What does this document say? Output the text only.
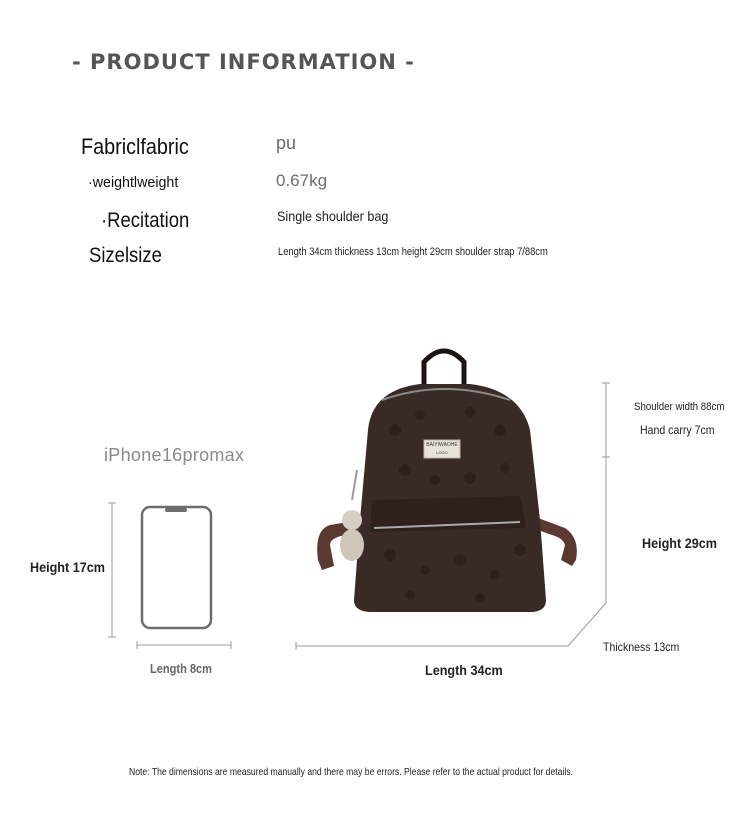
- PRODUCT INFORMATION -
Fabriclfabric
·weightlweight
·Recitation
Sizelsize
pu
0.67kg
Single shoulder bag
Length 34cm thickness 13cm height 29cm shoulder strap 7/88cm
BAIYIWAOHE
LOGO
iPhone16promax
Height 17cm
Length 8cm
Shoulder width 88cm
Hand carry 7cm
Height 29cm
Thickness 13cm
Length 34cm
Note: The dimensions are measured manually and there may be errors. Please refer to the actual product for details.
